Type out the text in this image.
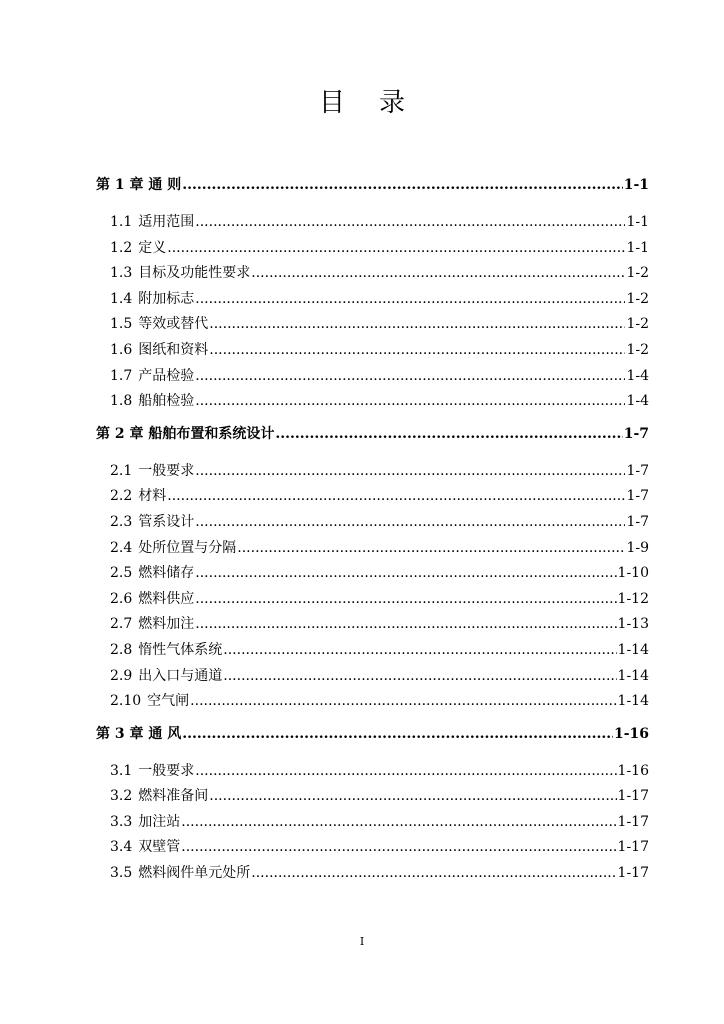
目 录
第 1 章 通 则 .....	1-1
1.1 适用范围 .....	1-1
1.2 定义 .....	1-1
1.3 目标及功能性要求 .....	1-2
1.4 附加标志 .....	1-2
1.5 等效或替代 .....	1-2
1.6 图纸和资料 .....	1-2
1.7 产品检验 .....	1-4
1.8 船舶检验 .....	1-4
第 2 章 船舶布置和系统设计 .....	1-7
2.1 一般要求 .....	1-7
2.2 材料 .....	1-7
2.3 管系设计 .....	1-7
2.4 处所位置与分隔 .....	1-9
2.5 燃料储存 .....	1-10
2.6 燃料供应 .....	1-12
2.7 燃料加注 .....	1-13
2.8 惰性气体系统 .....	1-14
2.9 出入口与通道 .....	1-14
2.10 空气闸 .....	1-14
第 3 章 通 风 .....	1-16
3.1 一般要求 .....	1-16
3.2 燃料准备间 .....	1-17
3.3 加注站 .....	1-17
3.4 双壁管 .....	1-17
3.5 燃料阀件单元处所 .....	1-17
I
